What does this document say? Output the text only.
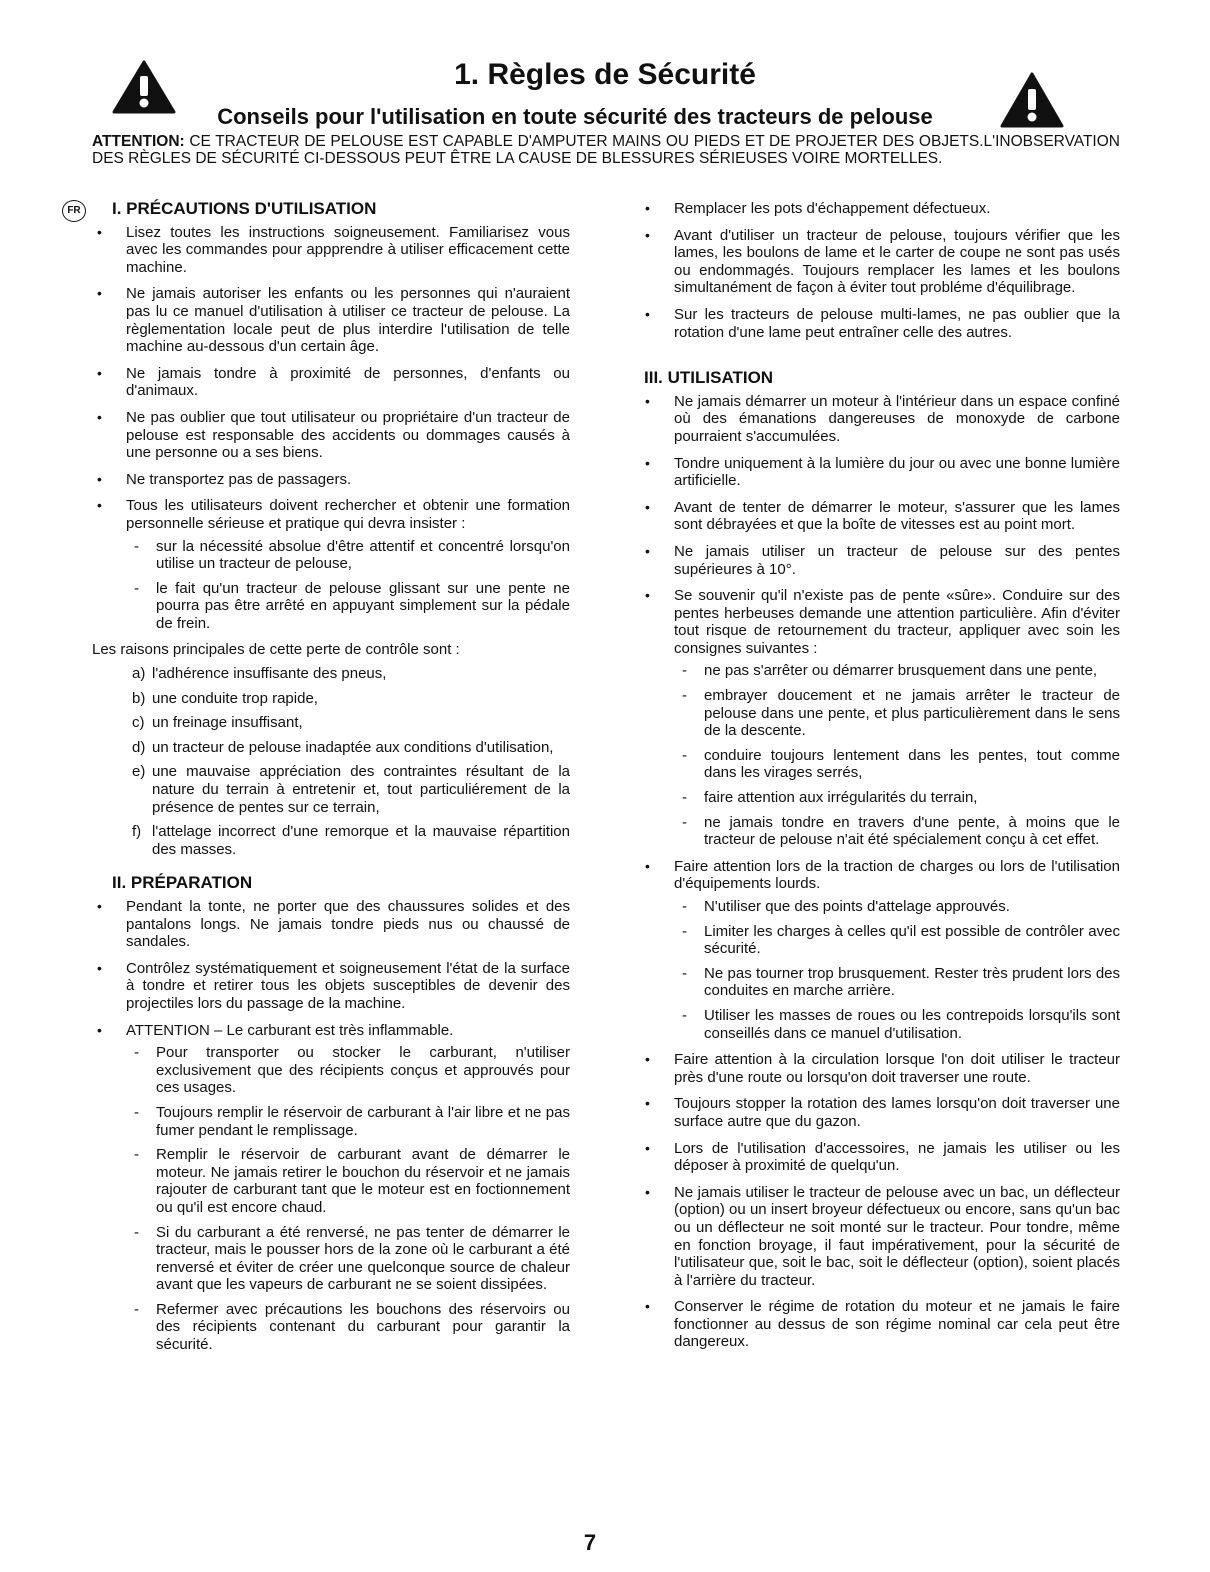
1. Règles de Sécurité
Conseils pour l'utilisation en toute sécurité des tracteurs de pelouse
ATTENTION: CE TRACTEUR DE PELOUSE EST CAPABLE D'AMPUTER MAINS OU PIEDS ET DE PROJETER DES OBJETS.L'INOBSERVATION DES RÈGLES DE SÉCURITÉ CI-DESSOUS PEUT ÊTRE LA CAUSE DE BLESSURES SÉRIEUSES VOIRE MORTELLES.
FR	I. PRÉCAUTIONS D'UTILISATION
• Lisez toutes les instructions soigneusement. Familiarisez vous avec les commandes pour appprendre à utiliser efficacement cette machine.
• Ne jamais autoriser les enfants ou les personnes qui n'auraient pas lu ce manuel d'utilisation à utiliser ce tracteur de pelouse. La règlementation locale peut de plus interdire l'utilisation de telle machine au-dessous d'un certain âge.
• Ne jamais tondre à proximité de personnes, d'enfants ou d'animaux.
• Ne pas oublier que tout utilisateur ou propriétaire d'un tracteur de pelouse est responsable des accidents ou dommages causés à une personne ou a ses biens.
• Ne transportez pas de passagers.
• Tous les utilisateurs doivent rechercher et obtenir une formation personnelle sérieuse et pratique qui devra insister :
- sur la nécessité absolue d'être attentif et concentré lorsqu'on utilise un tracteur de pelouse,
- le fait qu'un tracteur de pelouse glissant sur une pente ne pourra pas être arrêté en appuyant simplement sur la pédale de frein.

Les raisons principales de cette perte de contrôle sont :

a) l'adhérence insuffisante des pneus,
b) une conduite trop rapide,
c) un freinage insuffisant,
d) un tracteur de pelouse inadaptée aux conditions d'utilisation,
e) une mauvaise appréciation des contraintes résultant de la nature du terrain à entretenir et, tout particuliérement de la présence de pentes sur ce terrain,
f) l'attelage incorrect d'une remorque et la mauvaise répartition des masses.
II. PRÉPARATION
• Pendant la tonte, ne porter que des chaussures solides et des pantalons longs. Ne jamais tondre pieds nus ou chaussé de sandales.
• Contrôlez systématiquement et soigneusement l'état de la surface à tondre et retirer tous les objets susceptibles de devenir des projectiles lors du passage de la machine.
• ATTENTION – Le carburant est très inflammable.
- Pour transporter ou stocker le carburant, n'utiliser exclusivement que des récipients conçus et approuvés pour ces usages.
- Toujours remplir le réservoir de carburant à l'air libre et ne pas fumer pendant le remplissage.
- Remplir le réservoir de carburant avant de démarrer le moteur. Ne jamais retirer le bouchon du réservoir et ne jamais rajouter de carburant tant que le moteur est en foctionnement ou qu'il est encore chaud.
- Si du carburant a été renversé, ne pas tenter de démarrer le tracteur, mais le pousser hors de la zone où le carburant a été renversé et éviter de créer une quelconque source de chaleur avant que les vapeurs de carburant ne se soient dissipées.
- Refermer avec précautions les bouchons des réservoirs ou des récipients contenant du carburant pour garantir la sécurité.
• Remplacer les pots d'échappement défectueux.
• Avant d'utiliser un tracteur de pelouse, toujours vérifier que les lames, les boulons de lame et le carter de coupe ne sont pas usés ou endommagés. Toujours remplacer les lames et les boulons simultanément de façon à éviter tout probléme d'équilibrage.
• Sur les tracteurs de pelouse multi-lames, ne pas oublier que la rotation d'une lame peut entraîner celle des autres.
III. UTILISATION
• Ne jamais démarrer un moteur à l'intérieur dans un espace confiné où des émanations dangereuses de monoxyde de carbone pourraient s'accumulées.
• Tondre uniquement à la lumière du jour ou avec une bonne lumière artificielle.
• Avant de tenter de démarrer le moteur, s'assurer que les lames sont débrayées et que la boîte de vitesses est au point mort.
• Ne jamais utiliser un tracteur de pelouse sur des pentes supérieures à 10°.
• Se souvenir qu'il n'existe pas de pente «sûre». Conduire sur des pentes herbeuses demande une attention particulière. Afin d'éviter tout risque de retournement du tracteur, appliquer avec soin les consignes suivantes :
- ne pas s'arrêter ou démarrer brusquement dans une pente,
- embrayer doucement et ne jamais arrêter le tracteur de pelouse dans une pente, et plus particulièrement dans le sens de la descente.
- conduire toujours lentement dans les pentes, tout comme dans les virages serrés,
- faire attention aux irrégularités du terrain,
- ne jamais tondre en travers d'une pente, à moins que le tracteur de pelouse n'ait été spécialement conçu à cet effet.
• Faire attention lors de la traction de charges ou lors de l'utilisation d'équipements lourds.
- N'utiliser que des points d'attelage approuvés.
- Limiter les charges à celles qu'il est possible de contrôler avec sécurité.
- Ne pas tourner trop brusquement. Rester très prudent lors des conduites en marche arrière.
- Utiliser les masses de roues ou les contrepoids lorsqu'ils sont conseillés dans ce manuel d'utilisation.
• Faire attention à la circulation lorsque l'on doit utiliser le tracteur près d'une route ou lorsqu'on doit traverser une route.
• Toujours stopper la rotation des lames lorsqu'on doit traverser une surface autre que du gazon.
• Lors de l'utilisation d'accessoires, ne jamais les utiliser ou les déposer à proximité de quelqu'un.
• Ne jamais utiliser le tracteur de pelouse avec un bac, un déflecteur (option) ou un insert broyeur défectueux ou encore, sans qu'un bac ou un déflecteur ne soit monté sur le tracteur. Pour tondre, même en fonction broyage, il faut impérativement, pour la sécurité de l'utilisateur que, soit le bac, soit le déflecteur (option), soient placés à l'arrière du tracteur.
• Conserver le régime de rotation du moteur et ne jamais le faire fonctionner au dessus de son régime nominal car cela peut être dangereux.
7
